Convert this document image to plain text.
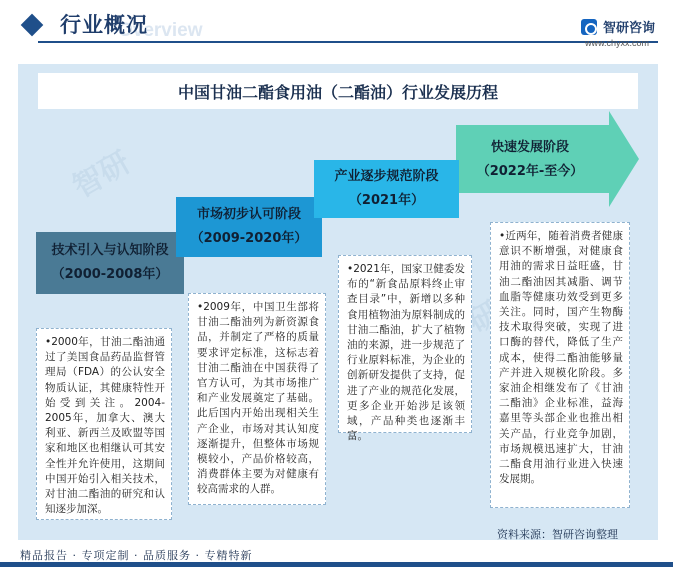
Overview
行业概况	智研咨询
www.chyxx.com
中国甘油二酯食用油（二酯油）行业发展历程
技术引入与认知阶段
（2000-2008年）
市场初步认可阶段
（2009-2020年）
产业逐步规范阶段
（2021年）
快速发展阶段
（2022年-至今）
•2000年，甘油二酯油通过了美国食品药品监督管理局（FDA）的公认安全物质认证，其健康特性开始受到关注。2004-2005年，加拿大、澳大利亚、新西兰及欧盟等国家和地区也相继认可其安全性并允许使用，这期间中国开始引入相关技术，对甘油二酯油的研究和认知逐步加深。
•2009年，中国卫生部将甘油二酯油列为新资源食品，并制定了严格的质量要求评定标准，这标志着甘油二酯油在中国获得了官方认可，为其市场推广和产业发展奠定了基础。此后国内开始出现相关生产企业，市场对其认知度逐渐提升，但整体市场规模较小，产品价格较高，消费群体主要为对健康有较高需求的人群。
•2021年，国家卫健委发布的“新食品原料终止审查目录”中，新增以多种食用植物油为原料制成的甘油二酯油，扩大了植物油的来源，进一步规范了行业原料标准，为企业的创新研发提供了支持，促进了产业的规范化发展，更多企业开始涉足该领域，产品种类也逐渐丰富。
•近两年，随着消费者健康意识不断增强，对健康食用油的需求日益旺盛，甘油二酯油因其减脂、调节血脂等健康功效受到更多关注。同时，国产生物酶技术取得突破，实现了进口酶的替代，降低了生产成本，使得二酯油能够量产并进入规模化阶段。多家油企相继发布了《甘油二酯油》企业标准，益海嘉里等头部企业也推出相关产品，行业竞争加剧，市场规模迅速扩大，甘油二酯食用油行业进入快速发展期。
资料来源：智研咨询整理
精品报告 · 专项定制 · 品质服务 · 专精特新
